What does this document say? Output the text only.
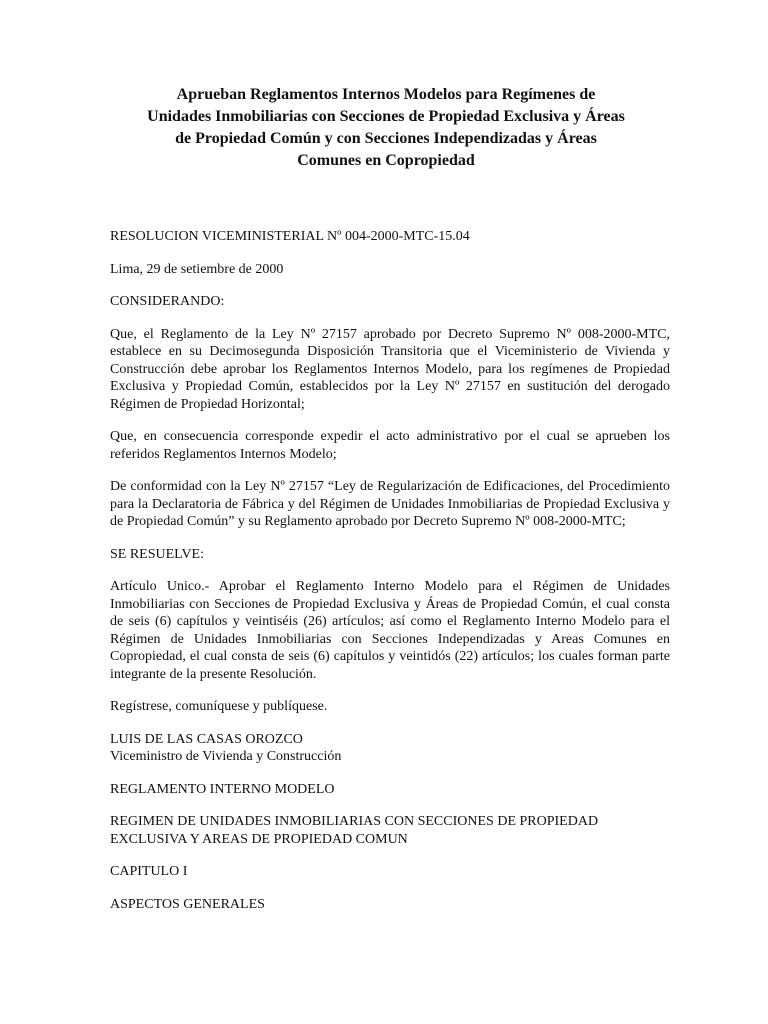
Aprueban Reglamentos Internos Modelos para Regímenes de
Unidades Inmobiliarias con Secciones de Propiedad Exclusiva y Áreas
de Propiedad Común y con Secciones Independizadas y Áreas
Comunes en Copropiedad

RESOLUCION VICEMINISTERIAL Nº 004-2000-MTC-15.04

Lima, 29 de setiembre de 2000

CONSIDERANDO:

Que, el Reglamento de la Ley Nº 27157 aprobado por Decreto Supremo Nº 008-2000-MTC, establece en su Decimosegunda Disposición Transitoria que el Viceministerio de Vivienda y Construcción debe aprobar los Reglamentos Internos Modelo, para los regímenes de Propiedad Exclusiva y Propiedad Común, establecidos por la Ley Nº 27157 en sustitución del derogado Régimen de Propiedad Horizontal;

Que, en consecuencia corresponde expedir el acto administrativo por el cual se aprueben los referidos Reglamentos Internos Modelo;

De conformidad con la Ley Nº 27157 “Ley de Regularización de Edificaciones, del Procedimiento para la Declaratoria de Fábrica y del Régimen de Unidades Inmobiliarias de Propiedad Exclusiva y de Propiedad Común” y su Reglamento aprobado por Decreto Supremo Nº 008-2000-MTC;

SE RESUELVE:

Artículo Unico.- Aprobar el Reglamento Interno Modelo para el Régimen de Unidades Inmobiliarias con Secciones de Propiedad Exclusiva y Áreas de Propiedad Común, el cual consta de seis (6) capítulos y veintiséis (26) artículos; así como el Reglamento Interno Modelo para el Régimen de Unidades Inmobiliarias con Secciones Independizadas y Areas Comunes en Copropiedad, el cual consta de seis (6) capítulos y veintidós (22) artículos; los cuales forman parte integrante de la presente Resolución.

Regístrese, comuníquese y publíquese.

LUIS DE LAS CASAS OROZCO
Viceministro de Vivienda y Construcción

REGLAMENTO INTERNO MODELO

REGIMEN DE UNIDADES INMOBILIARIAS CON SECCIONES DE PROPIEDAD EXCLUSIVA Y AREAS DE PROPIEDAD COMUN

CAPITULO I

ASPECTOS GENERALES
